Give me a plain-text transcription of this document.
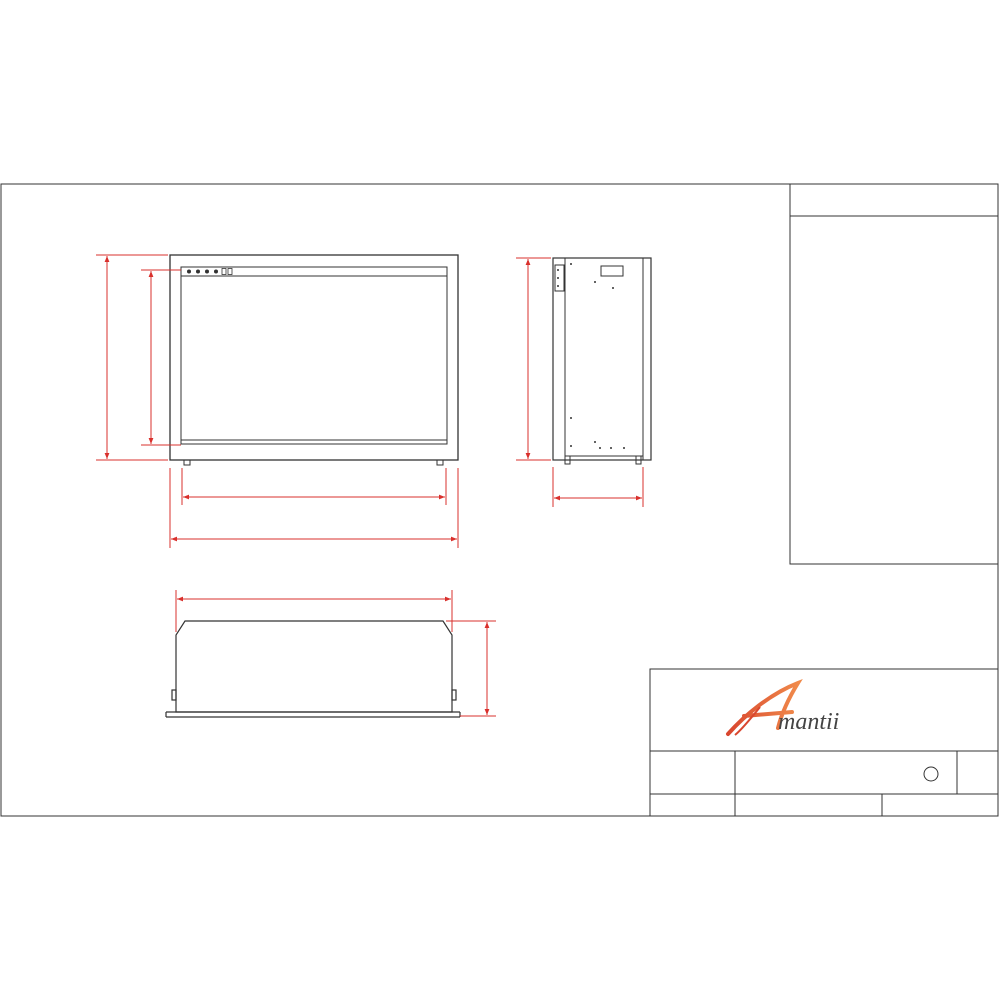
mantii
